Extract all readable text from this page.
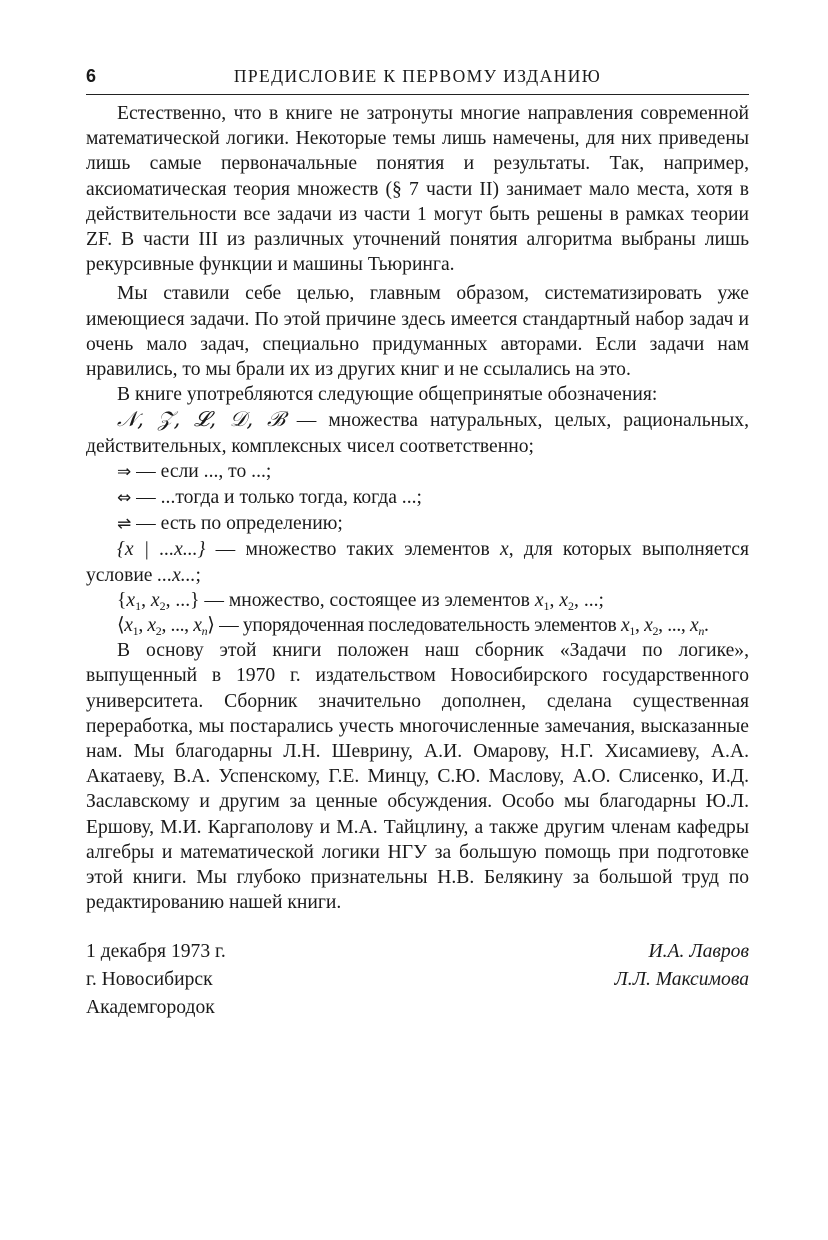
6	ПРЕДИСЛОВИЕ К ПЕРВОМУ ИЗДАНИЮ

Естественно, что в книге не затронуты многие направления современной математической логики. Некоторые темы лишь намечены, для них приведены лишь самые первоначальные понятия и результаты. Так, например, аксиоматическая теория множеств (§ 7 части II) занимает мало места, хотя в действительности все задачи из части 1 могут быть решены в рамках теории ZF. В части III из различных уточнений понятия алгоритма выбраны лишь рекурсивные функции и машины Тьюринга.

Мы ставили себе целью, главным образом, систематизировать уже имеющиеся задачи. По этой причине здесь имеется стандартный набор задач и очень мало задач, специально придуманных авторами. Если задачи нам нравились, то мы брали их из других книг и не ссылались на это.

В книге употребляются следующие общепринятые обозначения:

𝒩, 𝒵, 𝓛, 𝒟, ℬ — множества натуральных, целых, рациональных, действительных, комплексных чисел соответственно;

⇒ — если ..., то ...;

⇔ — ...тогда и только тогда, когда ...;

⇌ — есть по определению;

{x | ...x...} — множество таких элементов x, для которых выполняется условие ...x...;

{$x_1$, $x_2$, ...} — множество, состоящее из элементов $x_1$, $x_2$, ...;

$⟨x_1$, $x_2$, ..., $x_n⟩$ — упорядоченная последовательность элементов $x_1$, $x_2$, ..., $x_n$.

В основу этой книги положен наш сборник «Задачи по логике», выпущенный в 1970 г. издательством Новосибирского государственного университета. Сборник значительно дополнен, сделана существенная переработка, мы постарались учесть многочисленные замечания, высказанные нам. Мы благодарны Л.Н. Шеврину, А.И. Омарову, Н.Г. Хисамиеву, А.А. Акатаеву, В.А. Успенскому, Г.Е. Минцу, С.Ю. Маслову, А.О. Слисенко, И.Д. Заславскому и другим за ценные обсуждения. Особо мы благодарны Ю.Л. Ершову, М.И. Каргаполову и М.А. Тайцлину, а также другим членам кафедры алгебры и математической логики НГУ за большую помощь при подготовке этой книги. Мы глубоко признательны Н.В. Белякину за большой труд по редактированию нашей книги.

1 декабря 1973 г.	И.А. Лавров
г. Новосибирск	Л.Л. Максимова
Академгородок
